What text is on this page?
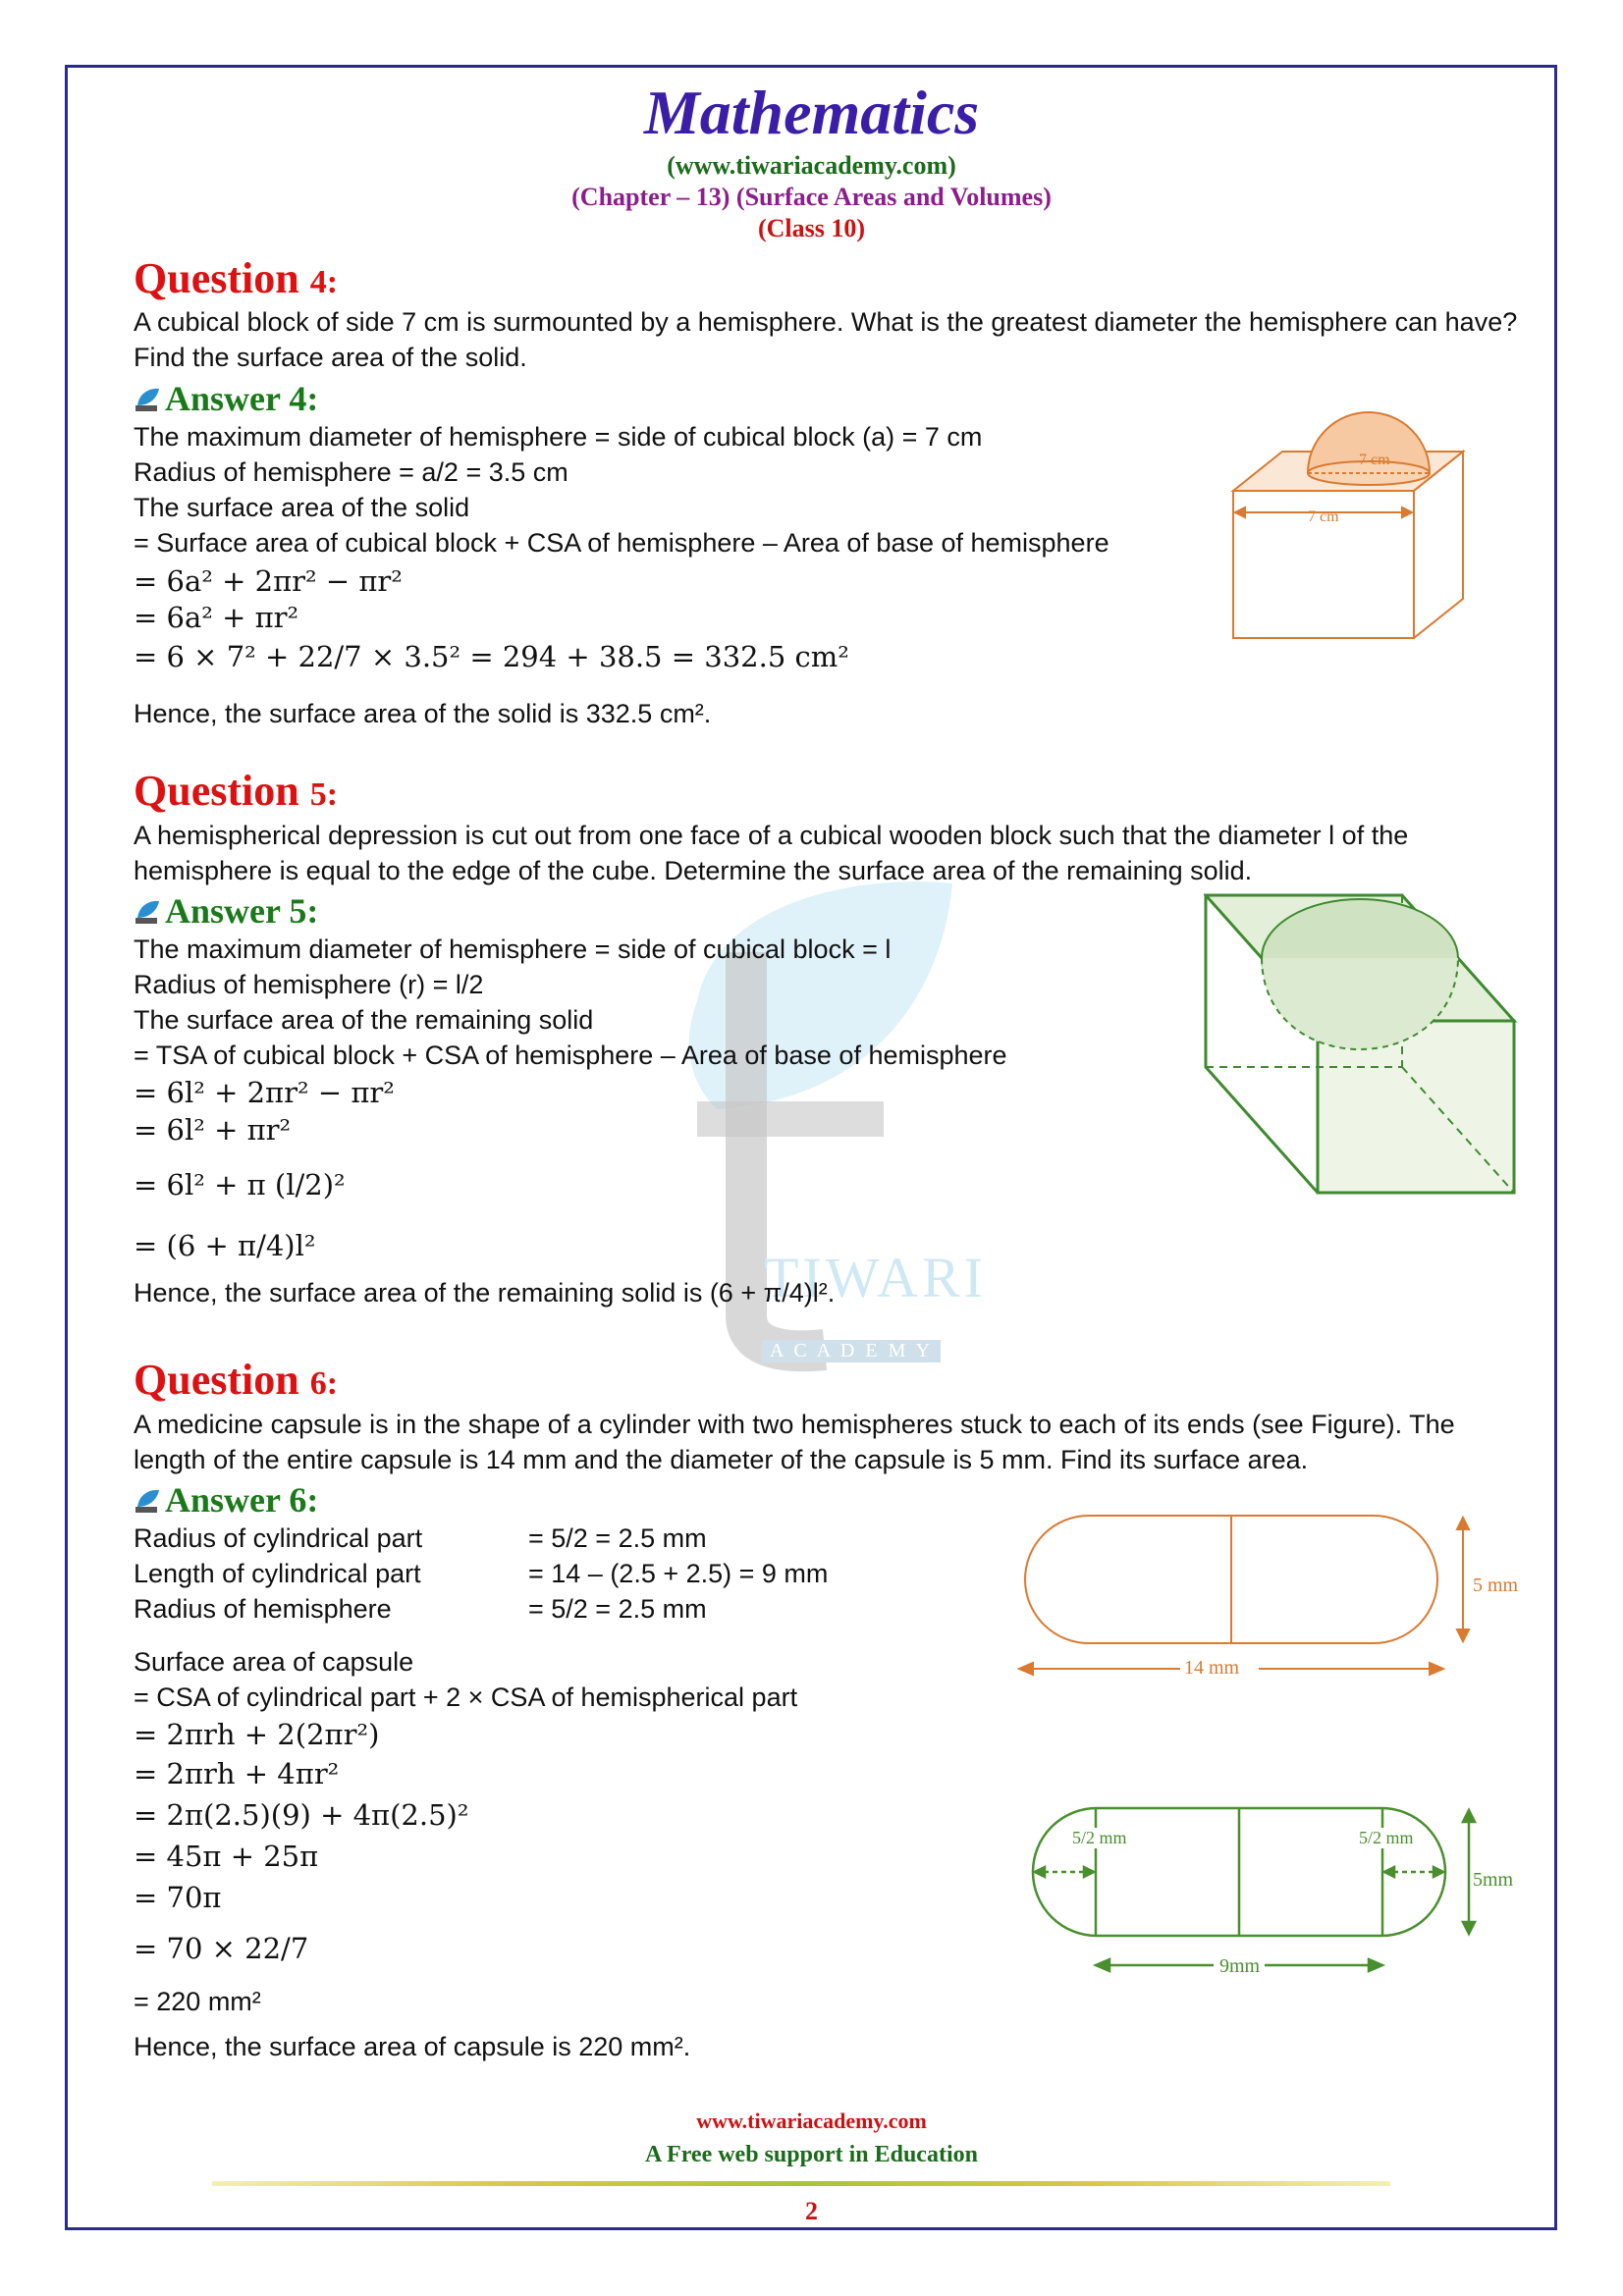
Mathematics
(www.tiwariacademy.com)
(Chapter – 13) (Surface Areas and Volumes)
(Class 10)
TIWARI
A C A D E M Y
Question 4:
A cubical block of side 7 cm is surmounted by a hemisphere. What is the greatest diameter the hemisphere can have? Find the surface area of the solid.
Answer 4:
The maximum diameter of hemisphere = side of cubical block (a) = 7 cm
Radius of hemisphere = a/2 = 3.5 cm
The surface area of the solid
= Surface area of cubical block + CSA of hemisphere – Area of base of hemisphere
= 6a² + 2πr² − πr²
= 6a² + πr²
= 6 × 7² + 22/7 × 3.5² = 294 + 38.5 = 332.5 cm²
Hence, the surface area of the solid is 332.5 cm².
7 cm
7 cm
Question 5:
A hemispherical depression is cut out from one face of a cubical wooden block such that the diameter l of the hemisphere is equal to the edge of the cube. Determine the surface area of the remaining solid.
Answer 5:
The maximum diameter of hemisphere = side of cubical block = l
Radius of hemisphere (r) = l/2
The surface area of the remaining solid
= TSA of cubical block + CSA of hemisphere – Area of base of hemisphere
= 6l² + 2πr² − πr²
= 6l² + πr²
= 6l² + π (l/2)²
= (6 + π/4)l²
Hence, the surface area of the remaining solid is (6 + π/4)l².
Question 6:
A medicine capsule is in the shape of a cylinder with two hemispheres stuck to each of its ends (see Figure). The length of the entire capsule is 14 mm and the diameter of the capsule is 5 mm. Find its surface area.
Answer 6:
Radius of cylindrical part	= 5/2 = 2.5 mm
Length of cylindrical part	= 14 – (2.5 + 2.5) = 9 mm
Radius of hemisphere	= 5/2 = 2.5 mm
Surface area of capsule
= CSA of cylindrical part + 2 × CSA of hemispherical part
= 2πrh + 2(2πr²)
= 2πrh + 4πr²
= 2π(2.5)(9) + 4π(2.5)²
= 45π + 25π
= 70π
= 70 × 22/7
= 220 mm²
Hence, the surface area of capsule is 220 mm².
5 mm
14 mm
5/2 mm	5/2 mm
5mm
9mm
www.tiwariacademy.com
A Free web support in Education
2
